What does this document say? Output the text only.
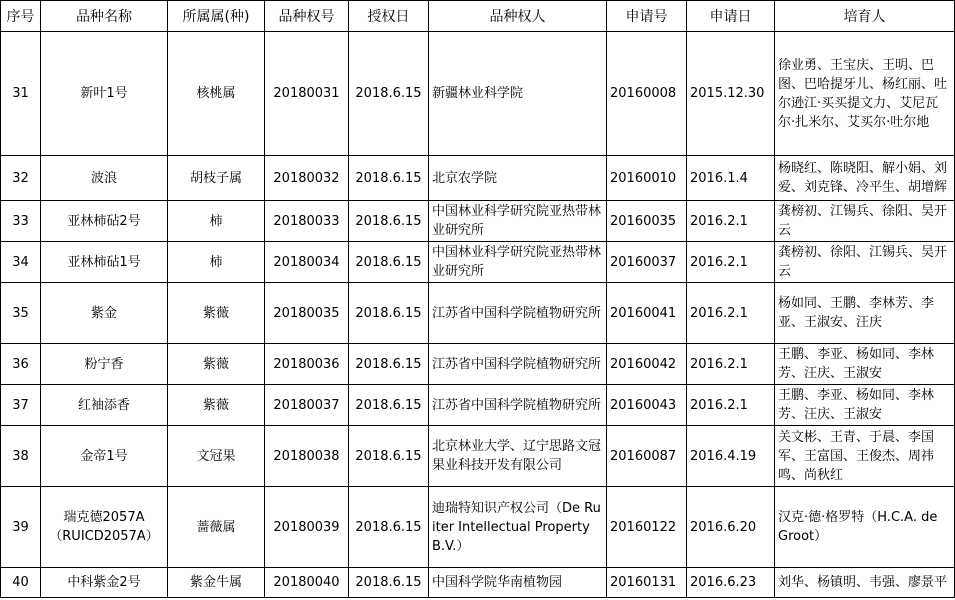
序号	品种名称	所属属(种)	品种权号	授权日	品种权人	申请号	申请日	培育人
31	新叶1号	核桃属	20180031	2018.6.15	新疆林业科学院	20160008	2015.12.30	徐业勇、王宝庆、王明、巴图、巴哈提牙儿、杨红丽、吐尔逊江·买买提文力、艾尼瓦尔·扎米尔、艾买尔·吐尔地
32	波浪	胡枝子属	20180032	2018.6.15	北京农学院	20160010	2016.1.4	杨晓红、陈晓阳、解小娟、刘爱、刘克锋、冷平生、胡增辉
33	亚林柿砧2号	柿	20180033	2018.6.15	中国林业科学研究院亚热带林业研究所	20160035	2016.2.1	龚榜初、江锡兵、徐阳、吴开云
34	亚林柿砧1号	柿	20180034	2018.6.15	中国林业科学研究院亚热带林业研究所	20160037	2016.2.1	龚榜初、徐阳、江锡兵、吴开云
35	紫金	紫薇	20180035	2018.6.15	江苏省中国科学院植物研究所	20160041	2016.2.1	杨如同、王鹏、李林芳、李亚、王淑安、汪庆
36	粉宁香	紫薇	20180036	2018.6.15	江苏省中国科学院植物研究所	20160042	2016.2.1	王鹏、李亚、杨如同、李林芳、汪庆、王淑安
37	红袖添香	紫薇	20180037	2018.6.15	江苏省中国科学院植物研究所	20160043	2016.2.1	王鹏、李亚、杨如同、李林芳、汪庆、王淑安
38	金帝1号	文冠果	20180038	2018.6.15	北京林业大学、辽宁思路文冠果业科技开发有限公司	20160087	2016.4.19	关文彬、王青、于晨、李国军、王富国、王俊杰、周祎鸣、尚秋红
39	瑞克德2057A（RUICD2057A）	蔷薇属	20180039	2018.6.15	迪瑞特知识产权公司（De Ruiter Intellectual Property B.V.）	20160122	2016.6.20	汉克·德·格罗特（H.C.A. de Groot）
40	中科紫金2号	紫金牛属	20180040	2018.6.15	中国科学院华南植物园	20160131	2016.6.23	刘华、杨镇明、韦强、廖景平
